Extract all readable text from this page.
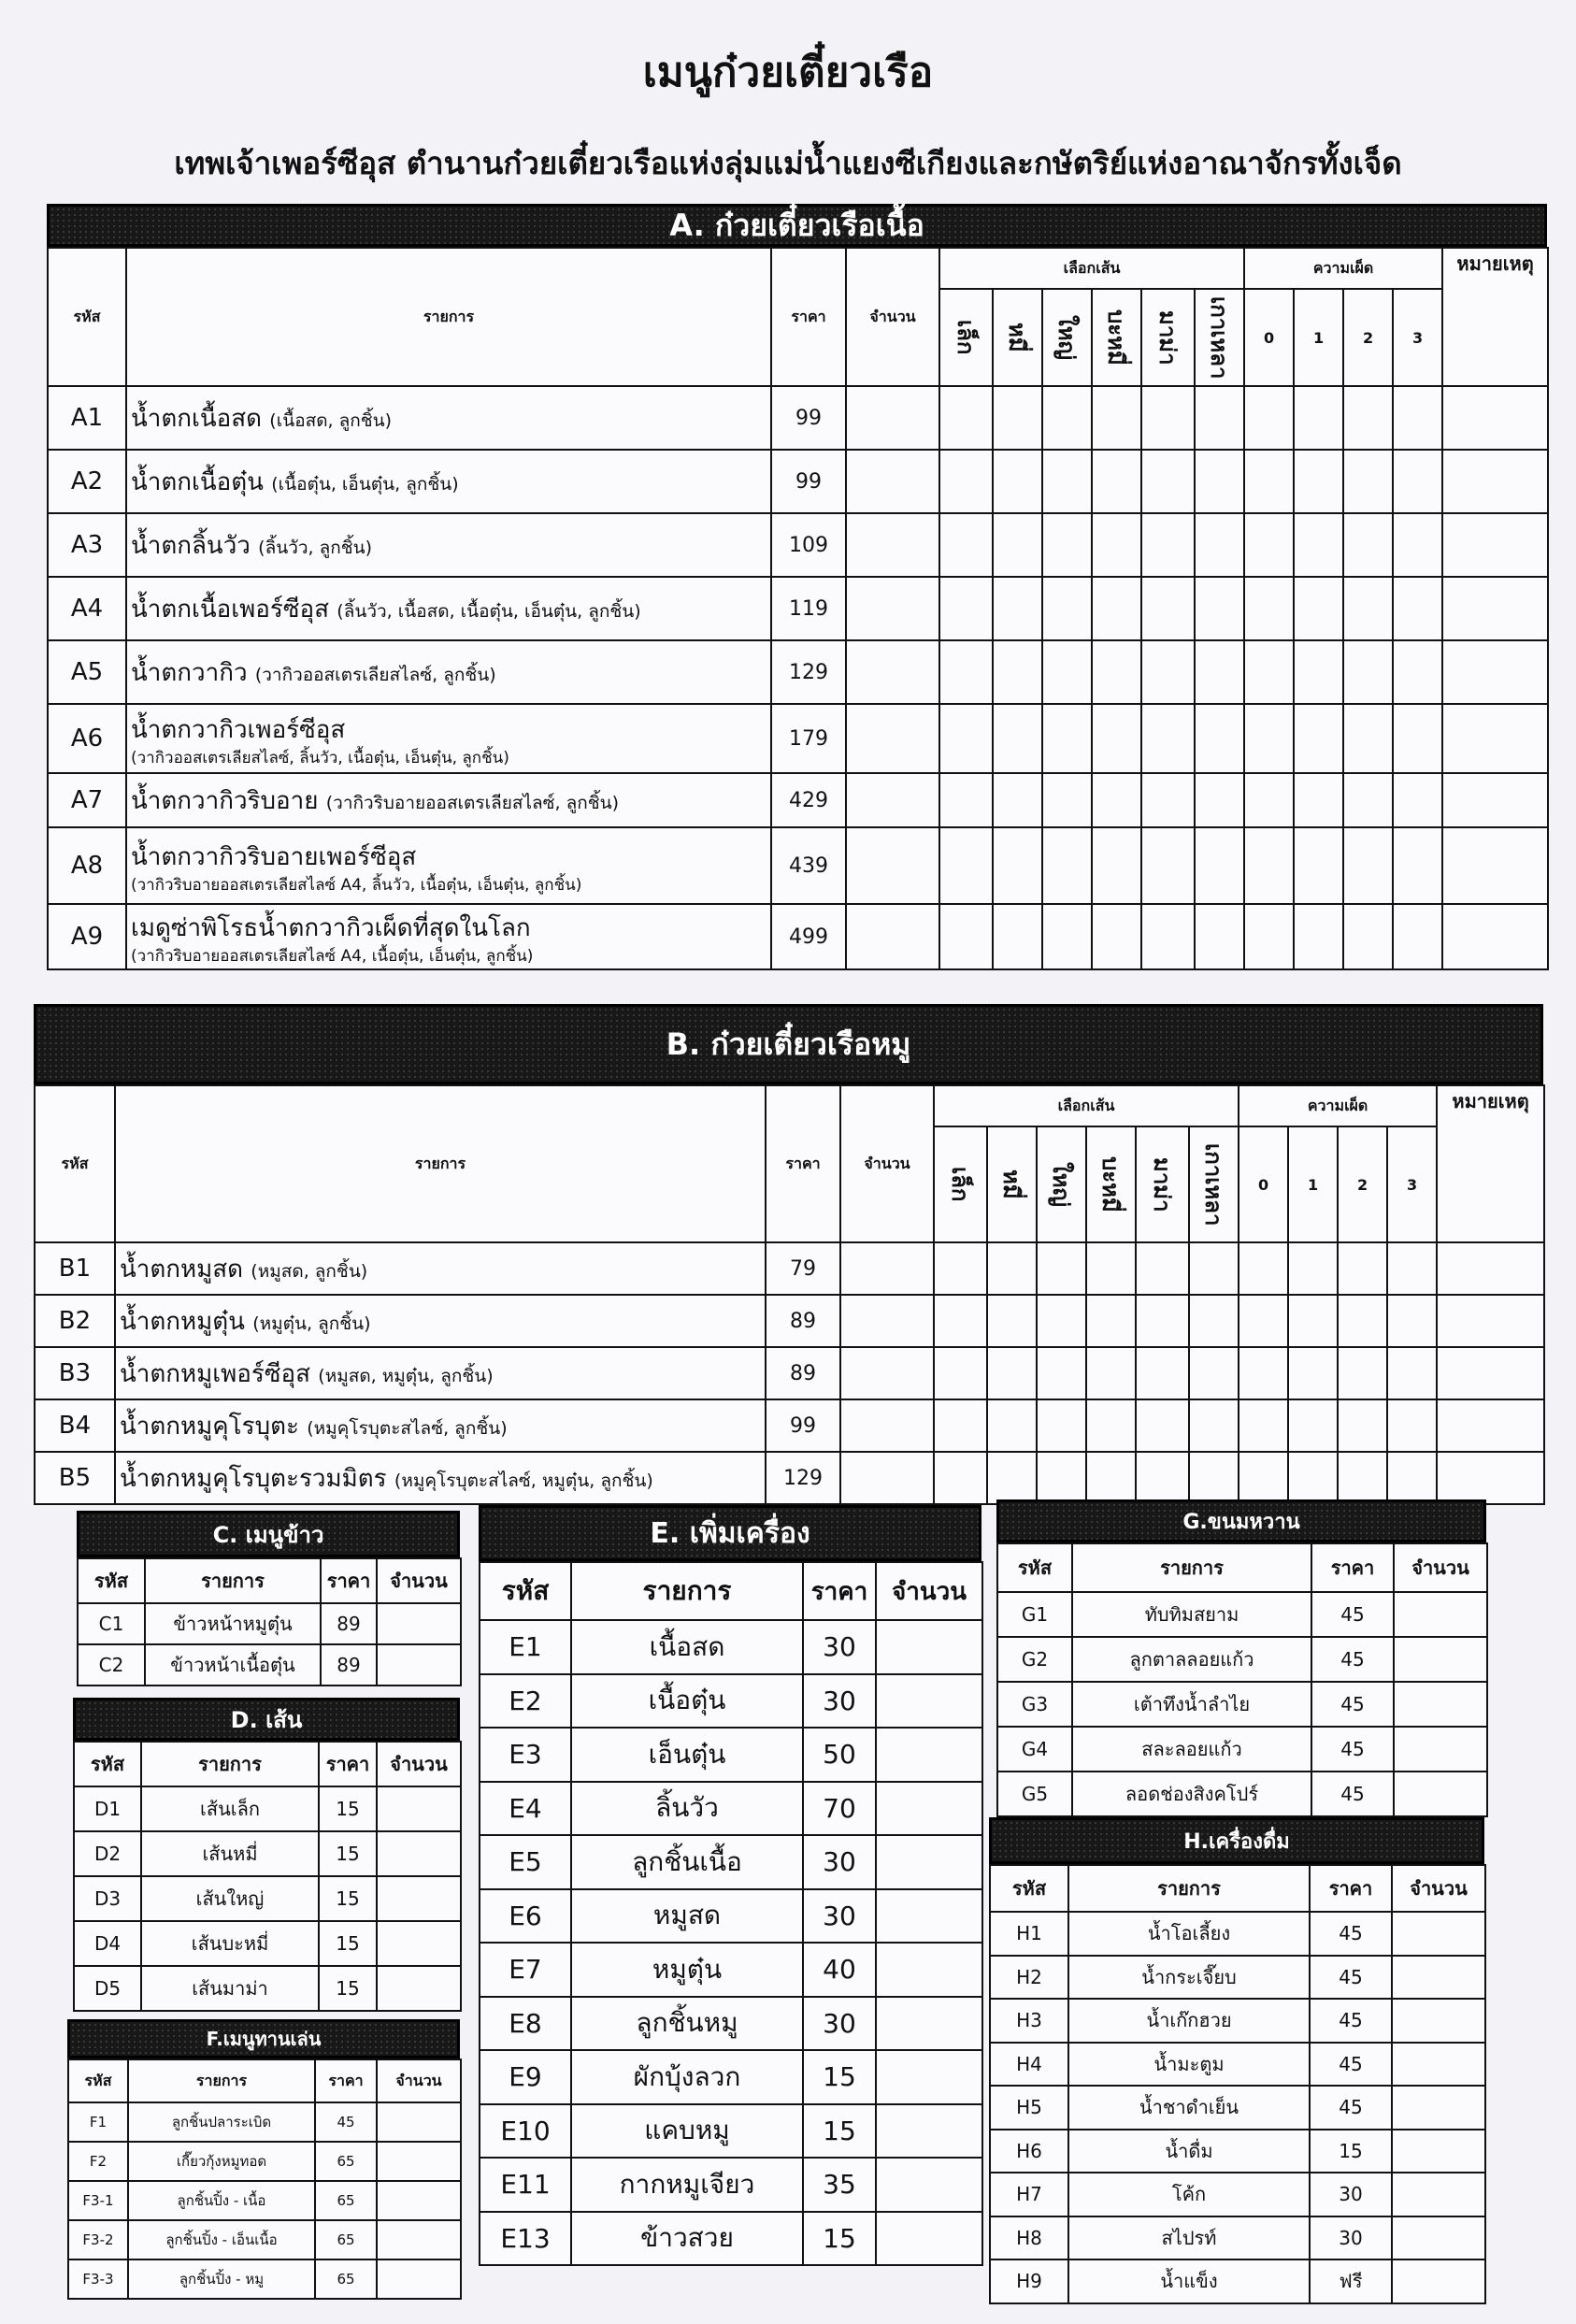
เมนูก๋วยเตี๋ยวเรือ
เทพเจ้าเพอร์ซีอุส ตำนานก๋วยเตี๋ยวเรือแห่งลุ่มแม่น้ำแยงซีเกียงและกษัตริย์แห่งอาณาจักรทั้งเจ็ด
A. ก๋วยเตี๋ยวเรือเนื้อ
รหัส	รายการ	ราคา	จำนวน	เลือกเส้น						ความเผ็ด				หมายเหตุ
				เล็ก	หมี่	ใหญ่	บะหมี่	มาม่า	เกาเหลา	0	1	2	3	
A1	น้ำตกเนื้อสด (เนื้อสด, ลูกชิ้น)	99												
A2	น้ำตกเนื้อตุ๋น (เนื้อตุ๋น, เอ็นตุ๋น, ลูกชิ้น)	99												
A3	น้ำตกลิ้นวัว (ลิ้นวัว, ลูกชิ้น)	109												
A4	น้ำตกเนื้อเพอร์ซีอุส (ลิ้นวัว, เนื้อสด, เนื้อตุ๋น, เอ็นตุ๋น, ลูกชิ้น)	119												
A5	น้ำตกวากิว (วากิวออสเตรเลียสไลซ์, ลูกชิ้น)	129												
A6	น้ำตกวากิวเพอร์ซีอุส
(วากิวออสเตรเลียสไลซ์, ลิ้นวัว, เนื้อตุ๋น, เอ็นตุ๋น, ลูกชิ้น)	179												
A7	น้ำตกวากิวริบอาย (วากิวริบอายออสเตรเลียสไลซ์, ลูกชิ้น)	429												
A8	น้ำตกวากิวริบอายเพอร์ซีอุส
(วากิวริบอายออสเตรเลียสไลซ์ A4, ลิ้นวัว, เนื้อตุ๋น, เอ็นตุ๋น, ลูกชิ้น)	439												
A9	เมดูซ่าพิโรธน้ำตกวากิวเผ็ดที่สุดในโลก
(วากิวริบอายออสเตรเลียสไลซ์ A4, เนื้อตุ๋น, เอ็นตุ๋น, ลูกชิ้น)	499												
B. ก๋วยเตี๋ยวเรือหมู
รหัส	รายการ	ราคา	จำนวน	เลือกเส้น						ความเผ็ด				หมายเหตุ
				เล็ก	หมี่	ใหญ่	บะหมี่	มาม่า	เกาเหลา	0	1	2	3	
B1	น้ำตกหมูสด (หมูสด, ลูกชิ้น)	79												
B2	น้ำตกหมูตุ๋น (หมูตุ๋น, ลูกชิ้น)	89												
B3	น้ำตกหมูเพอร์ซีอุส (หมูสด, หมูตุ๋น, ลูกชิ้น)	89												
B4	น้ำตกหมูคุโรบุตะ (หมูคุโรบุตะสไลซ์, ลูกชิ้น)	99												
B5	น้ำตกหมูคุโรบุตะรวมมิตร (หมูคุโรบุตะสไลซ์, หมูตุ๋น, ลูกชิ้น)	129												
C. เมนูข้าว
รหัส	รายการ	ราคา	จำนวน
C1	ข้าวหน้าหมูตุ๋น	89	
C2	ข้าวหน้าเนื้อตุ๋น	89	
D. เส้น
รหัส	รายการ	ราคา	จำนวน
D1	เส้นเล็ก	15	
D2	เส้นหมี่	15	
D3	เส้นใหญ่	15	
D4	เส้นบะหมี่	15	
D5	เส้นมาม่า	15	
F.เมนูทานเล่น
รหัส	รายการ	ราคา	จำนวน
F1	ลูกชิ้นปลาระเบิด	45	
F2	เกี๊ยวกุ้งหมูทอด	65	
F3-1	ลูกชิ้นปิ้ง - เนื้อ	65	
F3-2	ลูกชิ้นปิ้ง - เอ็นเนื้อ	65	
F3-3	ลูกชิ้นปิ้ง - หมู	65	
E. เพิ่มเครื่อง
รหัส	รายการ	ราคา	จำนวน
E1	เนื้อสด	30	
E2	เนื้อตุ๋น	30	
E3	เอ็นตุ๋น	50	
E4	ลิ้นวัว	70	
E5	ลูกชิ้นเนื้อ	30	
E6	หมูสด	30	
E7	หมูตุ๋น	40	
E8	ลูกชิ้นหมู	30	
E9	ผักบุ้งลวก	15	
E10	แคบหมู	15	
E11	กากหมูเจียว	35	
E13	ข้าวสวย	15	
G.ขนมหวาน
รหัส	รายการ	ราคา	จำนวน
G1	ทับทิมสยาม	45	
G2	ลูกตาลลอยแก้ว	45	
G3	เต้าทึงน้ำลำไย	45	
G4	สละลอยแก้ว	45	
G5	ลอดช่องสิงคโปร์	45	
H.เครื่องดื่ม
รหัส	รายการ	ราคา	จำนวน
H1	น้ำโอเลี้ยง	45	
H2	น้ำกระเจี๊ยบ	45	
H3	น้ำเก๊กฮวย	45	
H4	น้ำมะตูม	45	
H5	น้ำชาดำเย็น	45	
H6	น้ำดื่ม	15	
H7	โค้ก	30	
H8	สไปรท์	30	
H9	น้ำแข็ง	ฟรี	
